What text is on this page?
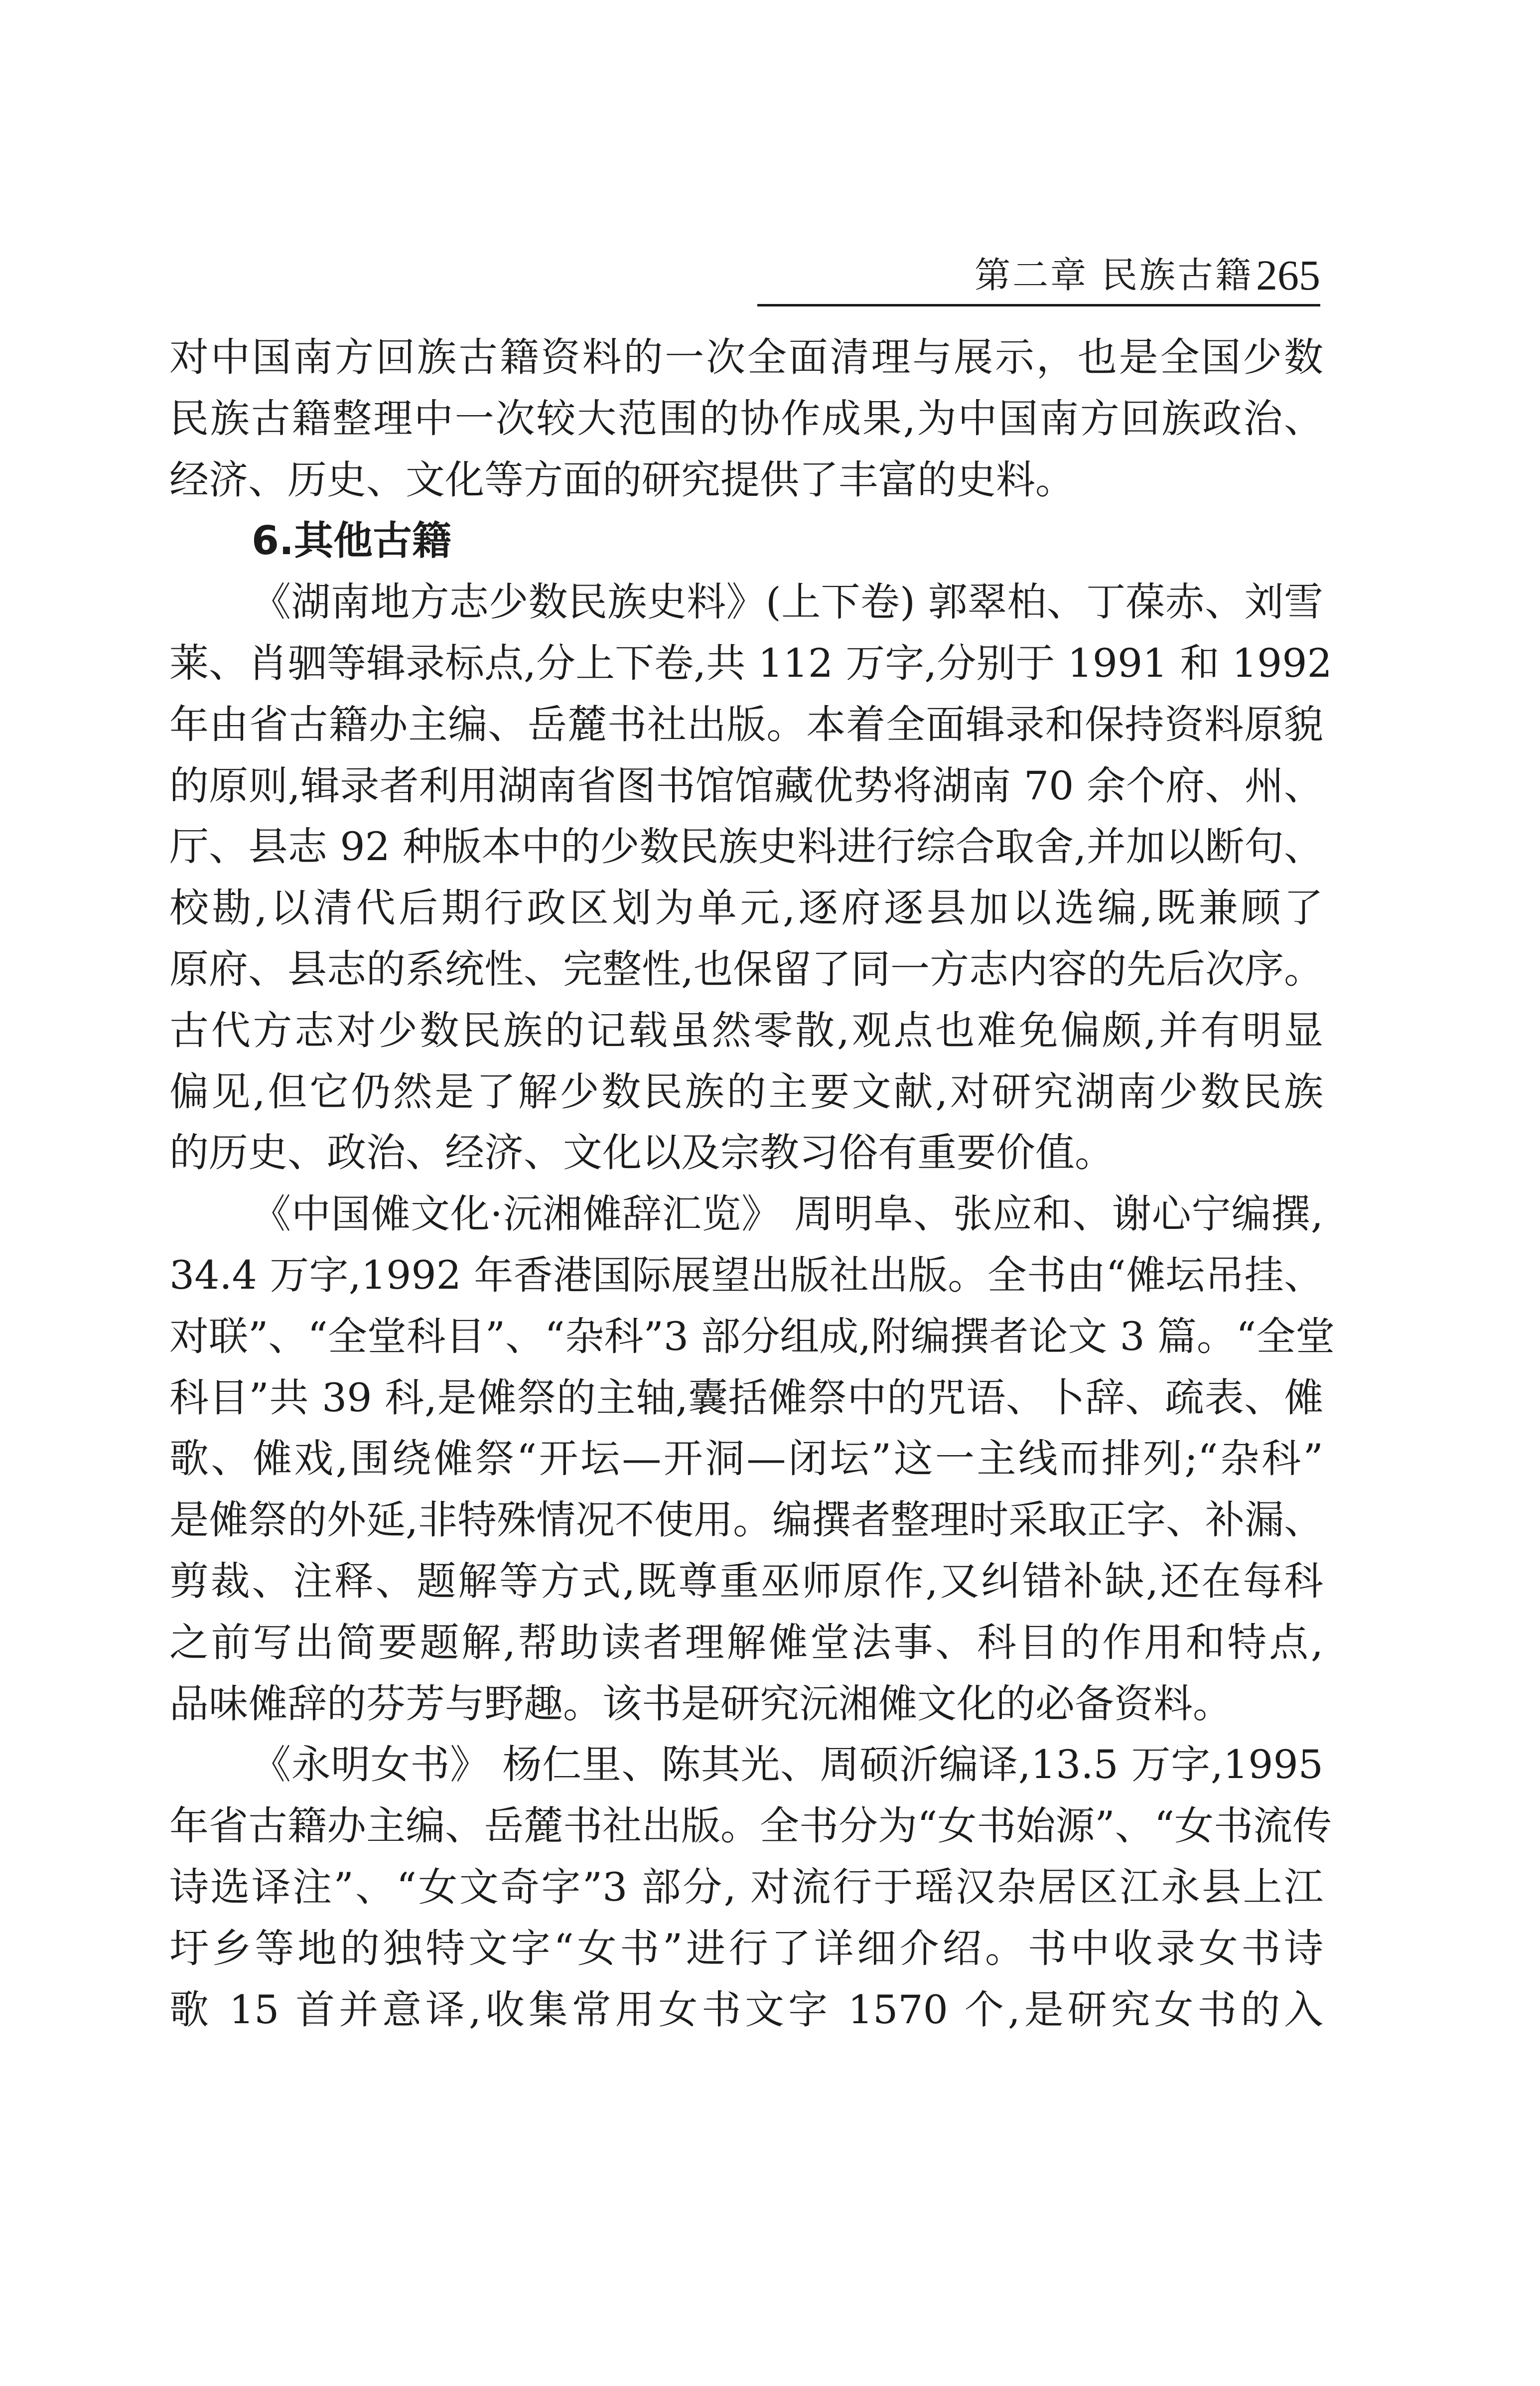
第二章 民族古籍265
对中国南方回族古籍资料的一次全面清理与展示，也是全国少数
民族古籍整理中一次较大范围的协作成果,为中国南方回族政治、
经济、历史、文化等方面的研究提供了丰富的史料。
6.其他古籍
《湖南地方志少数民族史料》(上下卷) 郭翠柏、丁葆赤、刘雪
莱、肖驷等辑录标点,分上下卷,共 112 万字,分别于 1991 和 1992
年由省古籍办主编、岳麓书社出版。本着全面辑录和保持资料原貌
的原则,辑录者利用湖南省图书馆馆藏优势将湖南 70 余个府、州、
厅、县志 92 种版本中的少数民族史料进行综合取舍,并加以断句、
校勘,以清代后期行政区划为单元,逐府逐县加以选编,既兼顾了
原府、县志的系统性、完整性,也保留了同一方志内容的先后次序。
古代方志对少数民族的记载虽然零散,观点也难免偏颇,并有明显
偏见,但它仍然是了解少数民族的主要文献,对研究湖南少数民族
的历史、政治、经济、文化以及宗教习俗有重要价值。
《中国傩文化·沅湘傩辞汇览》 周明阜、张应和、谢心宁编撰,
34.4 万字,1992 年香港国际展望出版社出版。全书由“傩坛吊挂、
对联”、“全堂科目”、“杂科”3 部分组成,附编撰者论文 3 篇。“全堂
科目”共 39 科,是傩祭的主轴,囊括傩祭中的咒语、卜辞、疏表、傩
歌、傩戏,围绕傩祭“开坛—开洞—闭坛”这一主线而排列;“杂科”
是傩祭的外延,非特殊情况不使用。编撰者整理时采取正字、补漏、
剪裁、注释、题解等方式,既尊重巫师原作,又纠错补缺,还在每科
之前写出简要题解,帮助读者理解傩堂法事、科目的作用和特点,
品味傩辞的芬芳与野趣。该书是研究沅湘傩文化的必备资料。
《永明女书》 杨仁里、陈其光、周硕沂编译,13.5 万字,1995
年省古籍办主编、岳麓书社出版。全书分为“女书始源”、“女书流传
诗选译注”、“女文奇字”3 部分, 对流行于瑶汉杂居区江永县上江
圩乡等地的独特文字“女书”进行了详细介绍。书中收录女书诗
歌 15 首并意译,收集常用女书文字 1570 个,是研究女书的入
